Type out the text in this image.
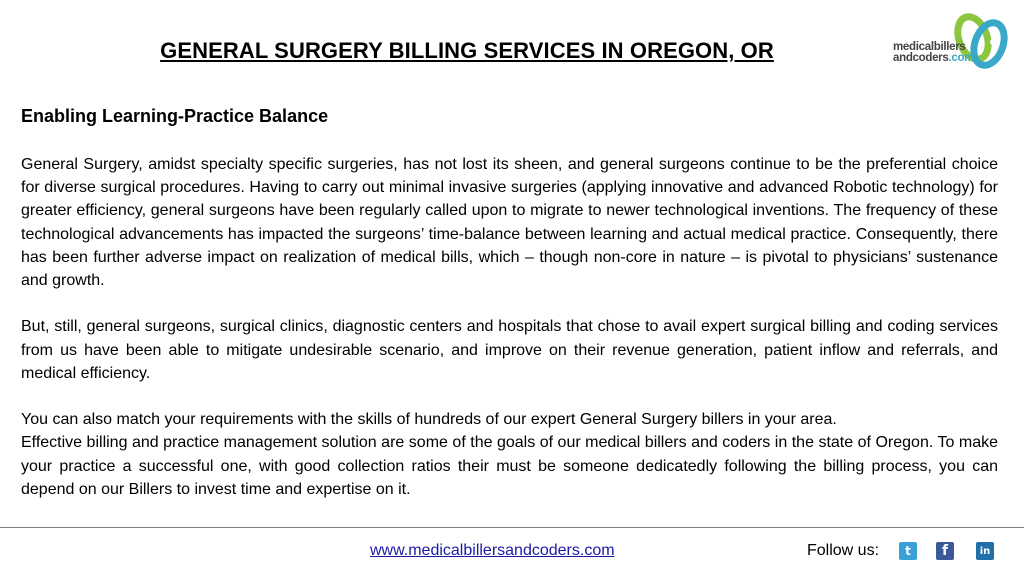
GENERAL SURGERY BILLING SERVICES IN OREGON, OR	medicalbillers
andcoders.com
Enabling Learning-Practice Balance

General Surgery, amidst specialty specific surgeries, has not lost its sheen, and general surgeons continue to be the preferential choice for diverse surgical procedures. Having to carry out minimal invasive surgeries (applying innovative and advanced Robotic technology) for greater efficiency, general surgeons have been regularly called upon to migrate to newer technological inventions. The frequency of these technological advancements has impacted the surgeons’ time-balance between learning and actual medical practice. Consequently, there has been further adverse impact on realization of medical bills, which – though non-core in nature – is pivotal to physicians’ sustenance and growth.

But, still, general surgeons, surgical clinics, diagnostic centers and hospitals that chose to avail expert surgical billing and coding services from us have been able to mitigate undesirable scenario, and improve on their revenue generation, patient inflow and referrals, and medical efficiency.

You can also match your requirements with the skills of hundreds of our expert General Surgery billers in your area.

Effective billing and practice management solution are some of the goals of our medical billers and coders in the state of Oregon. To make your practice a successful one, with good collection ratios their must be someone dedicatedly following the billing process, you can depend on our Billers to invest time and expertise on it.

www.medicalbillersandcoders.com	Follow us:	t	f	in
